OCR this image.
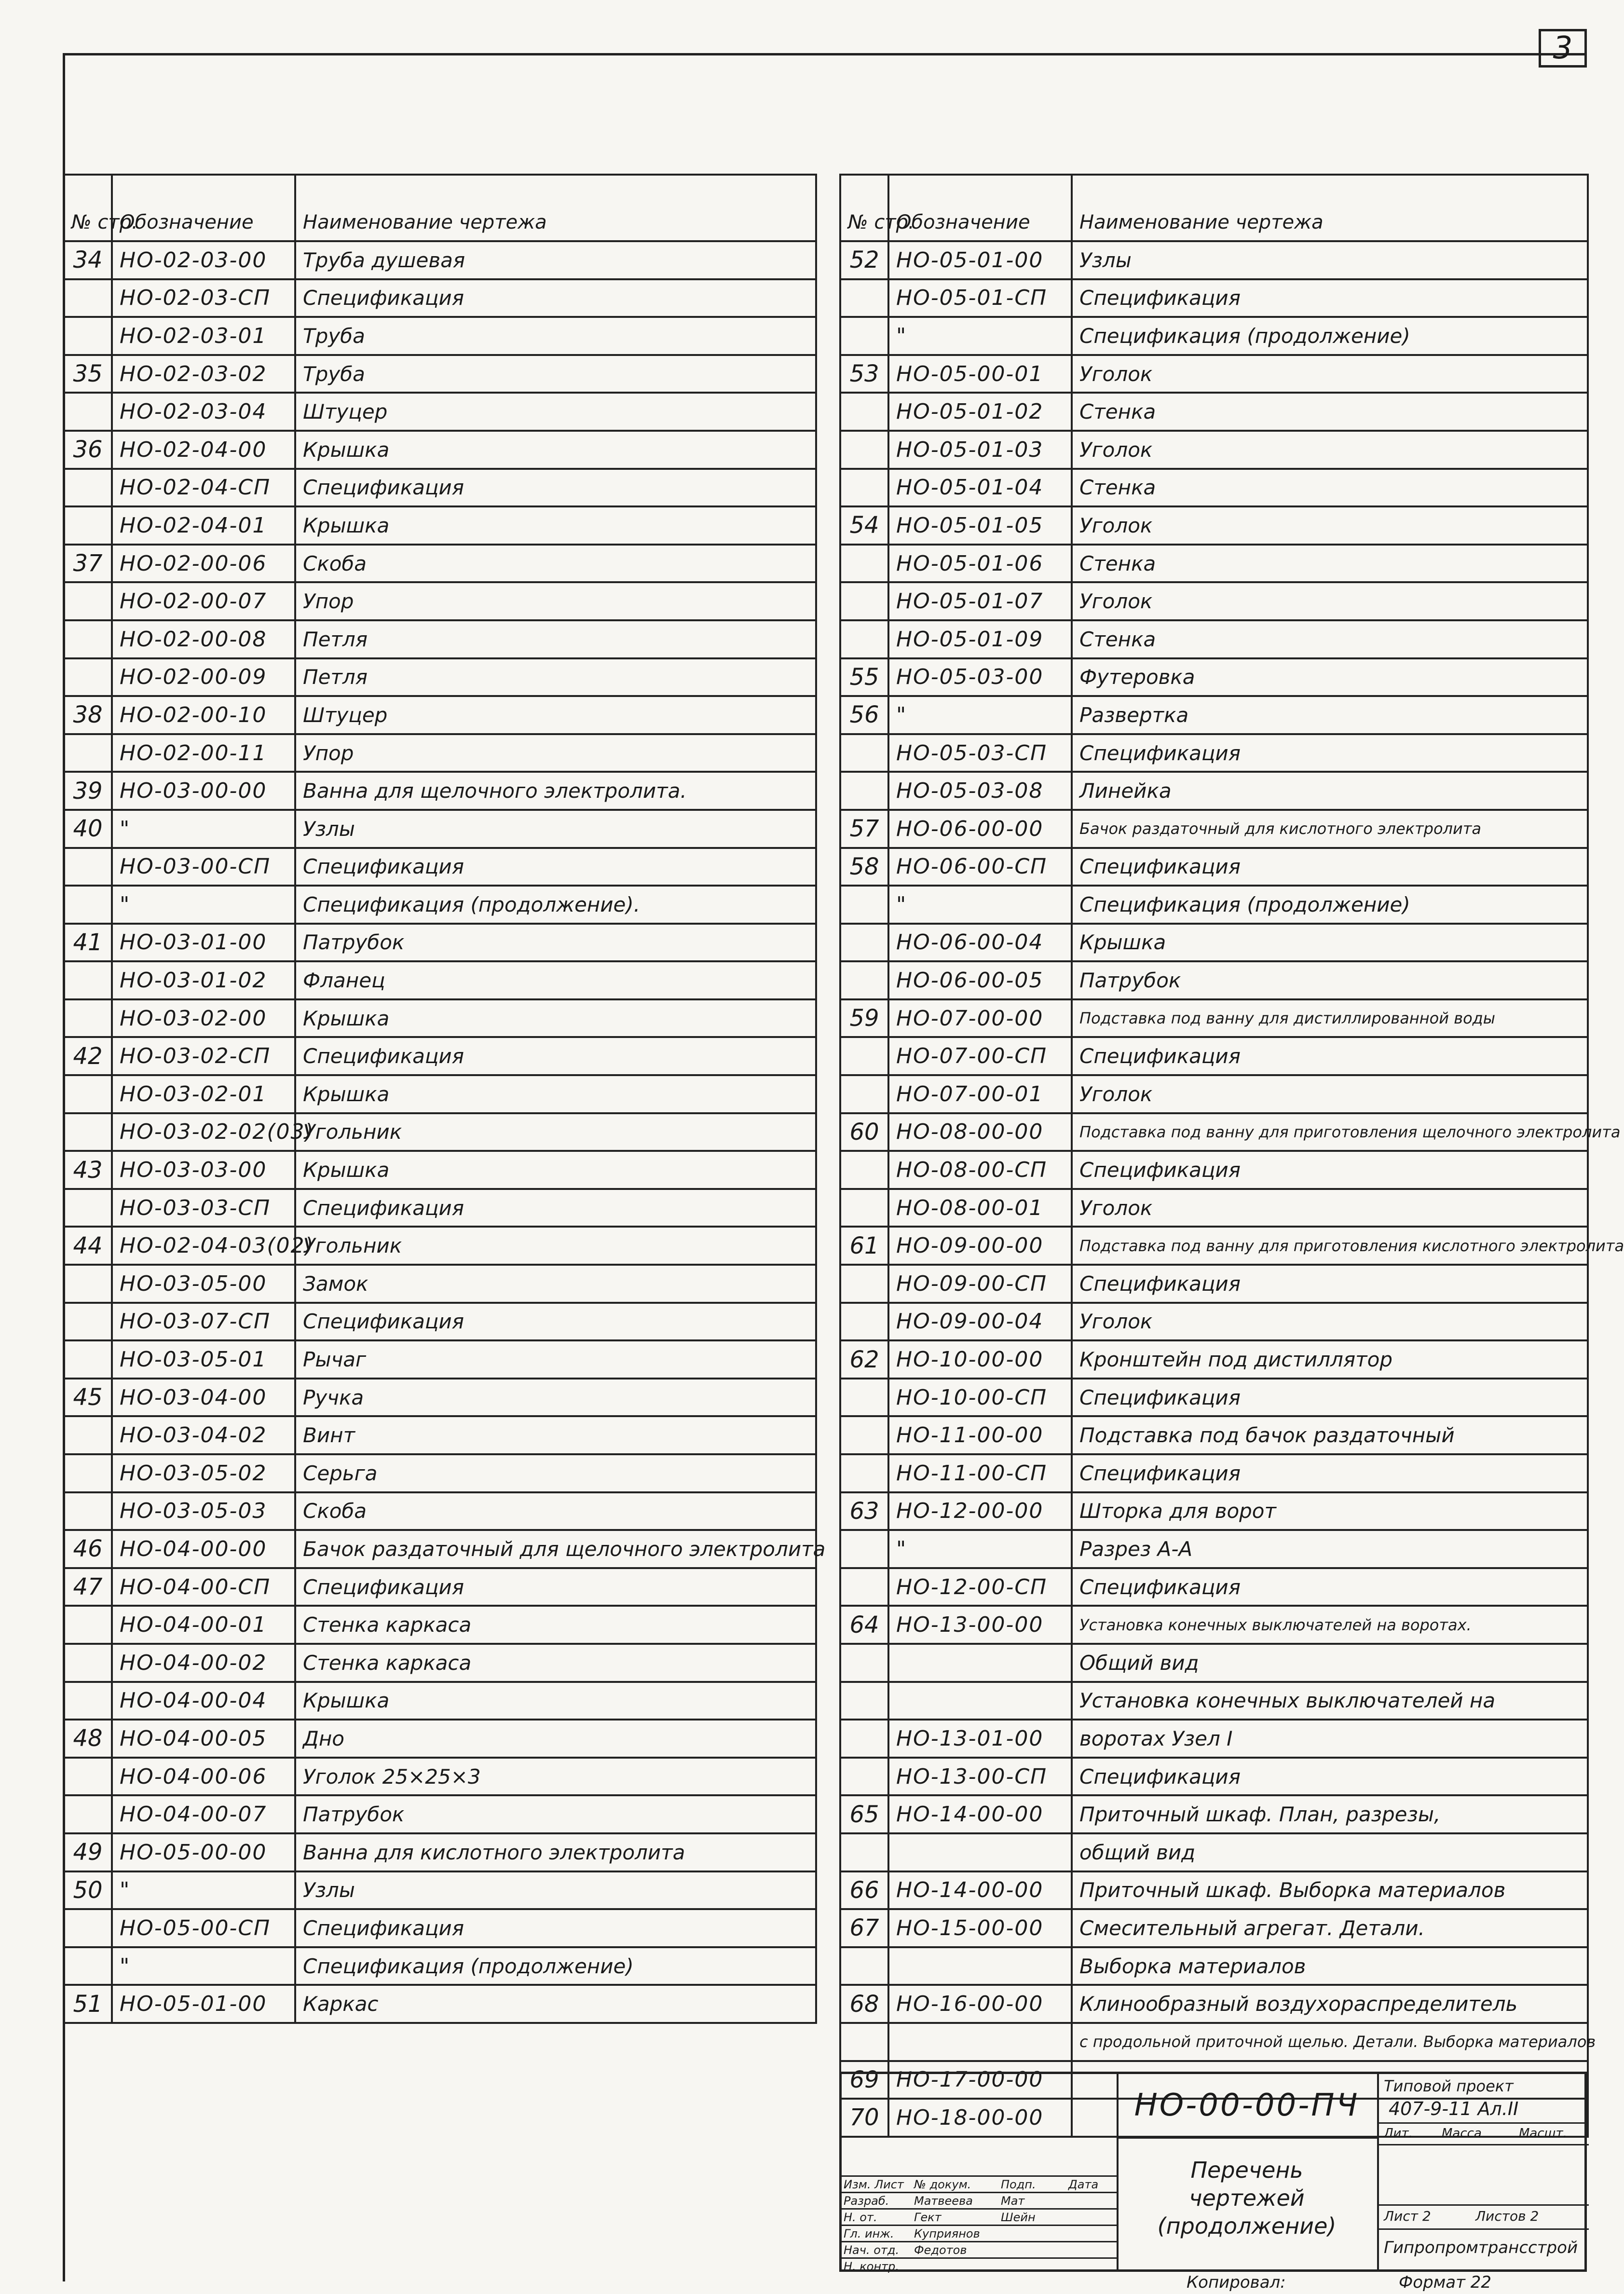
3
№ стр.	Обозначение	Наименование чертежа
34	НО-02-03-00	Труба душевая
	НО-02-03-СП	Спецификация
	НО-02-03-01	Труба
35	НО-02-03-02	Труба
	НО-02-03-04	Штуцер
36	НО-02-04-00	Крышка
	НО-02-04-СП	Спецификация
	НО-02-04-01	Крышка
37	НО-02-00-06	Скоба
	НО-02-00-07	Упор
	НО-02-00-08	Петля
	НО-02-00-09	Петля
38	НО-02-00-10	Штуцер
	НО-02-00-11	Упор
39	НО-03-00-00	Ванна для щелочного электролита.
40	"	Узлы
	НО-03-00-СП	Спецификация
	"	Спецификация (продолжение).
41	НО-03-01-00	Патрубок
	НО-03-01-02	Фланец
	НО-03-02-00	Крышка
42	НО-03-02-СП	Спецификация
	НО-03-02-01	Крышка
	НО-03-02-02(03)	Угольник
43	НО-03-03-00	Крышка
	НО-03-03-СП	Спецификация
44	НО-02-04-03(02)	Угольник
	НО-03-05-00	Замок
	НО-03-07-СП	Спецификация
	НО-03-05-01	Рычаг
45	НО-03-04-00	Ручка
	НО-03-04-02	Винт
	НО-03-05-02	Серьга
	НО-03-05-03	Скоба
46	НО-04-00-00	Бачок раздаточный для щелочного электролита
47	НО-04-00-СП	Спецификация
	НО-04-00-01	Стенка каркаса
	НО-04-00-02	Стенка каркаса
	НО-04-00-04	Крышка
48	НО-04-00-05	Дно
	НО-04-00-06	Уголок 25×25×3
	НО-04-00-07	Патрубок
49	НО-05-00-00	Ванна для кислотного электролита
50	"	Узлы
	НО-05-00-СП	Спецификация
	"	Спецификация (продолжение)
51	НО-05-01-00	Каркас
№ стр.	Обозначение	Наименование чертежа
52	НО-05-01-00	Узлы
	НО-05-01-СП	Спецификация
	"	Спецификация (продолжение)
53	НО-05-00-01	Уголок
	НО-05-01-02	Стенка
	НО-05-01-03	Уголок
	НО-05-01-04	Стенка
54	НО-05-01-05	Уголок
	НО-05-01-06	Стенка
	НО-05-01-07	Уголок
	НО-05-01-09	Стенка
55	НО-05-03-00	Футеровка
56	"	Развертка
	НО-05-03-СП	Спецификация
	НО-05-03-08	Линейка
57	НО-06-00-00	Бачок раздаточный для кислотного электролита
58	НО-06-00-СП	Спецификация
	"	Спецификация (продолжение)
	НО-06-00-04	Крышка
	НО-06-00-05	Патрубок
59	НО-07-00-00	Подставка под ванну для дистиллированной воды
	НО-07-00-СП	Спецификация
	НО-07-00-01	Уголок
60	НО-08-00-00	Подставка под ванну для приготовления щелочного электролита
	НО-08-00-СП	Спецификация
	НО-08-00-01	Уголок
61	НО-09-00-00	Подставка под ванну для приготовления кислотного электролита
	НО-09-00-СП	Спецификация
	НО-09-00-04	Уголок
62	НО-10-00-00	Кронштейн под дистиллятор
	НО-10-00-СП	Спецификация
	НО-11-00-00	Подставка под бачок раздаточный
	НО-11-00-СП	Спецификация
63	НО-12-00-00	Шторка для ворот
	"	Разрез А-А
	НО-12-00-СП	Спецификация
64	НО-13-00-00	Установка конечных выключателей на воротах.
		Общий вид
		Установка конечных выключателей на
	НО-13-01-00	воротах Узел I
	НО-13-00-СП	Спецификация
65	НО-14-00-00	Приточный шкаф. План, разрезы,
		общий вид
66	НО-14-00-00	Приточный шкаф. Выборка материалов
67	НО-15-00-00	Смесительный агрегат. Детали.
		Выборка материалов
68	НО-16-00-00	Клинообразный воздухораспределитель
		с продольной приточной щелью. Детали. Выборка материалов
69	НО-17-00-00	
70	НО-18-00-00	
Изм. Лист № докум.	Подп.	Дата
Разраб. Матвеева Мат
Н. от.	Гект	Шейн
Гл. инж. Куприянов
Нач. отд. Федотов
Н. контр.
НО-00-00-ПЧ
Перечень
чертежей
(продолжение)
Типовой проект
407-9-11 Ал.II
Лит. Масса	Масшт.
Лист 2	Листов 2
Гипропромтрансстрой
Копировал:	Формат 22
